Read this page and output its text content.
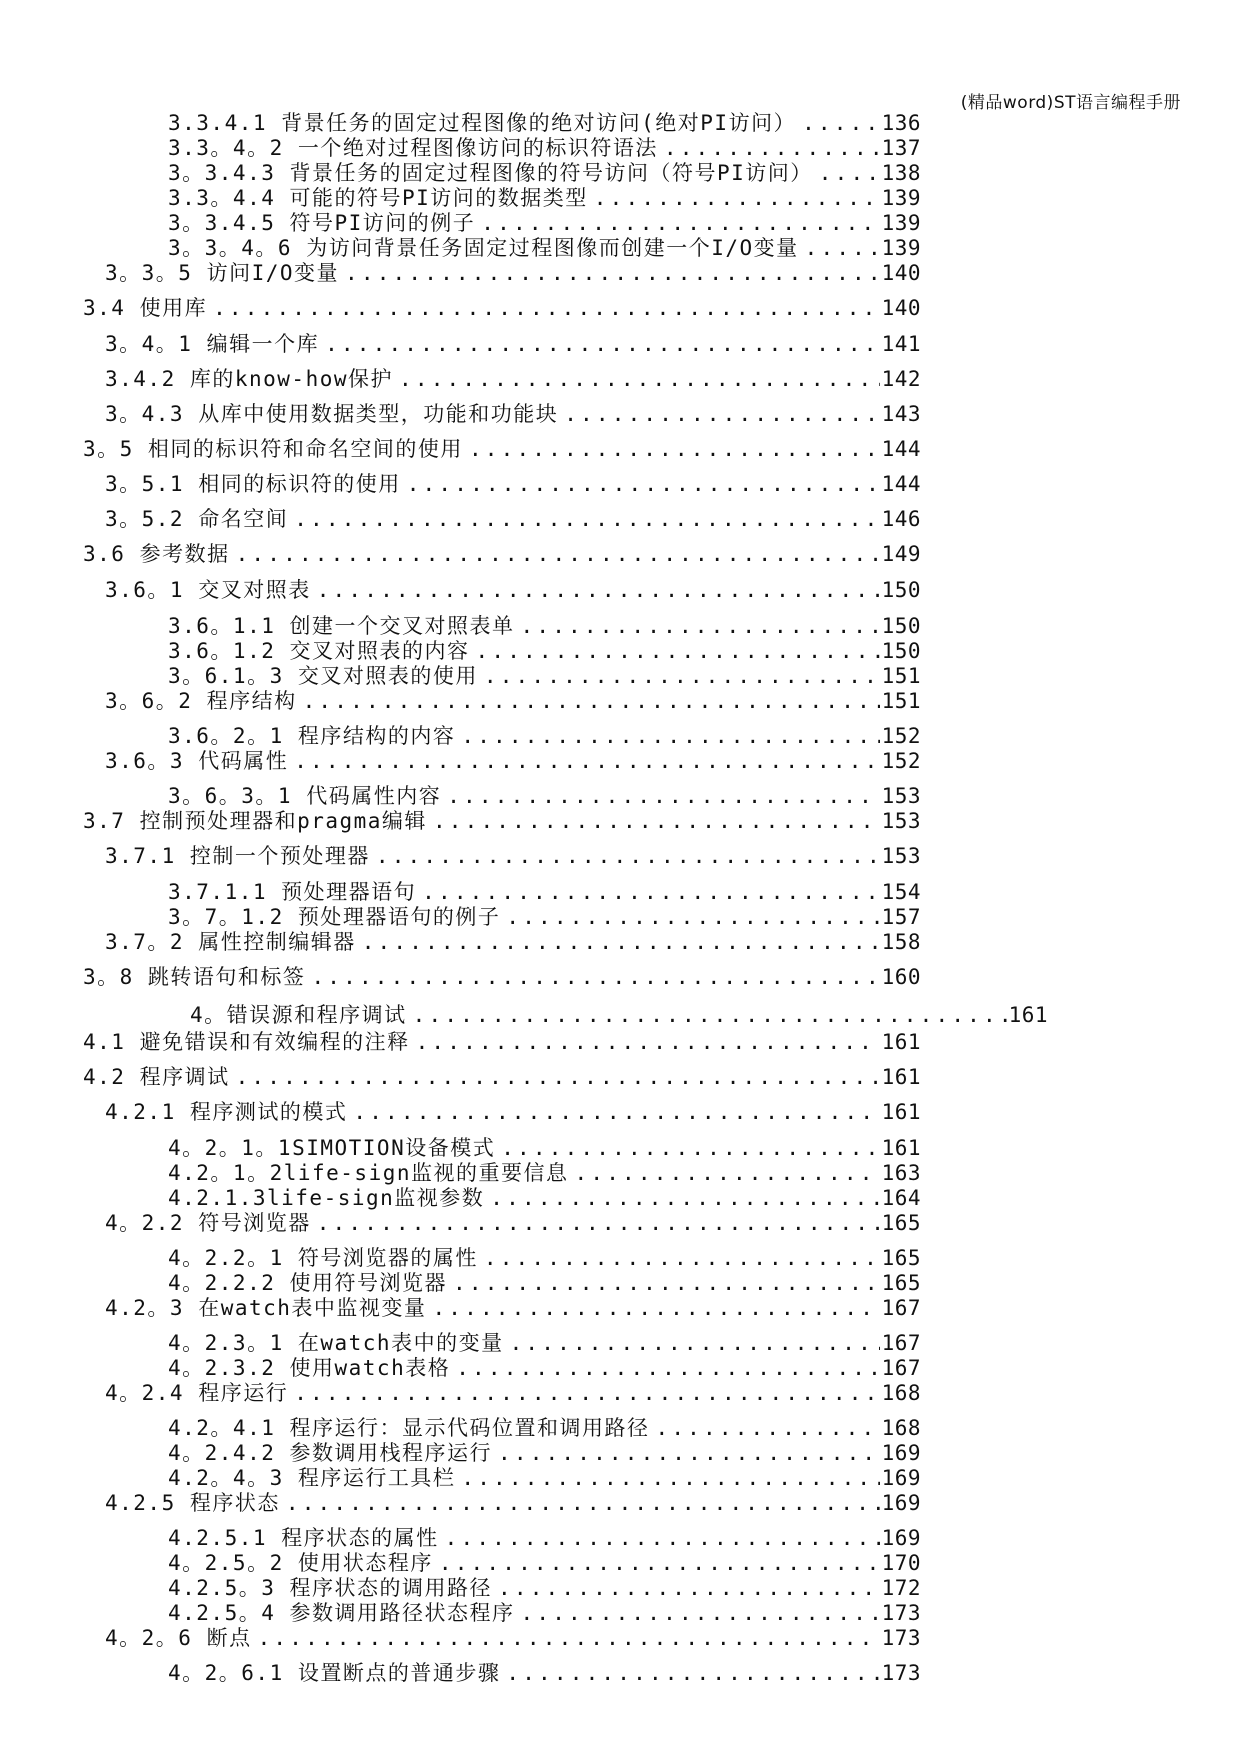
(精品word)ST语言编程手册
3.3.4.1 背景任务的固定过程图像的绝对访问(绝对PI访问） .....	136
3.3。4。2 一个绝对过程图像访问的标识符语法 .....	137
3。3.4.3 背景任务的固定过程图像的符号访问（符号PI访问） .....	138
3.3。4.4 可能的符号PI访问的数据类型 .....	139
3。3.4.5 符号PI访问的例子 .....	139
3。3。4。6 为访问背景任务固定过程图像而创建一个I/O变量 .....	139
3。3。5 访问I/O变量 .....	140
3.4 使用库 .....	140
3。4。1 编辑一个库 .....	141
3.4.2 库的know-how保护 .....	142
3。4.3 从库中使用数据类型，功能和功能块 .....	143
3。5 相同的标识符和命名空间的使用 .....	144
3。5.1 相同的标识符的使用 .....	144
3。5.2 命名空间 .....	146
3.6 参考数据 .....	149
3.6。1 交叉对照表 .....	150
3.6。1.1 创建一个交叉对照表单 .....	150
3.6。1.2 交叉对照表的内容 .....	150
3。6.1。3 交叉对照表的使用 .....	151
3。6。2 程序结构 .....	151
3.6。2。1 程序结构的内容 .....	152
3.6。3 代码属性 .....	152
3。6。3。1 代码属性内容 .....	153
3.7 控制预处理器和pragma编辑 .....	153
3.7.1 控制一个预处理器 .....	153
3.7.1.1 预处理器语句 .....	154
3。7。1.2 预处理器语句的例子 .....	157
3.7。2 属性控制编辑器 .....	158
3。8 跳转语句和标签 .....	160
4。错误源和程序调试 .....	161
4.1 避免错误和有效编程的注释 .....	161
4.2 程序调试 .....	161
4.2.1 程序测试的模式 .....	161
4。2。1。1SIMOTION设备模式 .....	161
4.2。1。2life-sign监视的重要信息 .....	163
4.2.1.3life-sign监视参数 .....	164
4。2.2 符号浏览器 .....	165
4。2.2。1 符号浏览器的属性 .....	165
4。2.2.2 使用符号浏览器 .....	165
4.2。3 在watch表中监视变量 .....	167
4。2.3。1 在watch表中的变量 .....	167
4。2.3.2 使用watch表格 .....	167
4。2.4 程序运行 .....	168
4.2。4.1 程序运行：显示代码位置和调用路径 .....	168
4。2.4.2 参数调用栈程序运行 .....	169
4.2。4。3 程序运行工具栏 .....	169
4.2.5 程序状态 .....	169
4.2.5.1 程序状态的属性 .....	169
4。2.5。2 使用状态程序 .....	170
4.2.5。3 程序状态的调用路径 .....	172
4.2.5。4 参数调用路径状态程序 .....	173
4。2。6 断点 .....	173
4。2。6.1 设置断点的普通步骤 .....	173
